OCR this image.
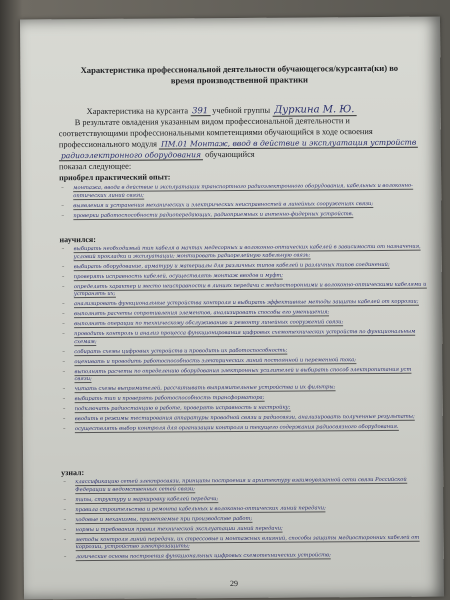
Характеристика профессиональной деятельности обучающегося/курсанта(ки) во
время производственной практики
Характеристика на курсанта 391 учебной группы Дуркина М. Ю.
В результате овладения указанным видом профессиональной деятельности и
соответствующими профессиональными компетенциями обучающийся в ходе освоения
профессионального модуля ПМ.01 Монтаж, ввод в действие и эксплуатация устройств
радиоэлектронного оборудования обучающийся
показал следующее:
приобрел практический опыт:
– монтажа, ввода в действие и эксплуатации транспортного радиоэлектронного оборудования, кабельных и волоконно-оптических линий связи;
– выявления и устранения механических и электрических неисправностей в линейных сооружениях связи;
– проверки работоспособности радиопередающих, радиоприемных и антенно-фидерных устройств.
научился:
– выбирать необходимый тип кабеля в мачтах медесорных и волоконно-оптических кабелей в зависимости от назначения, условий прокладки и эксплуатации; монтировать радиорелейную кабельную связь;
– выбирать оборудование, арматуру и материалы для различных типов кабелей и различных типов соединений;
– проверять исправность кабелей, осуществлять монтаж вводов и муфт;
– определять характер и место неисправности в линиях передачи с медиосторонними и волоконно-оптическими кабелями и устранять их;
– анализировать функциональные устройства контроля и выбирать эффективные методы защиты кабелей от коррозии;
– выполнять расчеты сопротивления элементов, анализировать способы его уменьшения;
– выполнять операции по техническому обслуживанию и ремонту линейных сооружений связи;
– проводить контроль и анализ процесса функционирования цифровых схемотехнических устройств по функциональным схемам;
– собирать схемы цифровых устройств и проводить их работоспособность;
– оценивать и проводить работоспособность электрических линий постоянной и переменной тока;
– выполнять расчеты по определению оборудования электронных усилителей и выбирать способ электропитания уст связи;
– читать схемы выпрямителей, рассчитывать выпрямительные устройства и их фильтры;
– выбирать тип и проверять работоспособность трансформатора;
– подключать радиостанцию в работе, проверять исправность и настройку;
– вводить в режимы тестирования аппаратуры проводной связи и радиосвязи, анализировать полученные результаты;
– осуществлять выбор контроля для организации контроля и текущего содержания радиосвязного оборудования.
узнал:
– классификацию сетей электросвязи, принципы построения и архитектуру взаимоувязанной сети связи Российской Федерации и ведомственных сетей связи;
– типы, структуру и маркировку кабелей передачи;
– правила строительства и ремонта кабельных и волоконно-оптических линий передачи;
– ходовые и механизмы, применяемые при производстве работ;
– нормы и требования правил технической эксплуатации линий передачи;
– методы контроля линий передачи, их стрессовые и монтажных влияний, способы защиты медиосторонних кабелей от коррозии, устройство электрозащиты;
– логические основы построения функциональных цифровых схемотехнических устройств;
29
